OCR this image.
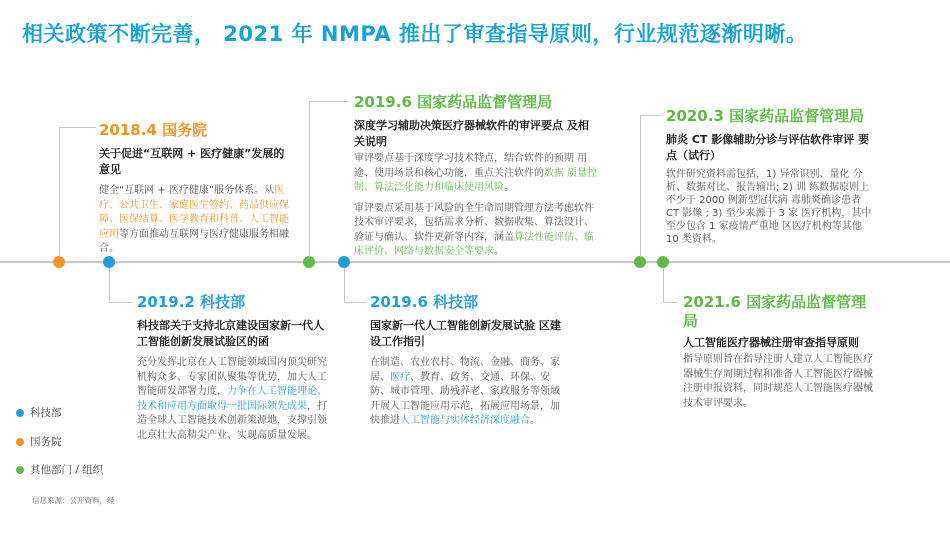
相关政策不断完善， 2021 年 NMPA 推出了审查指导原则，行业规范逐渐明晰。
2018.4 国务院
关于促进“互联网 + 医疗健康”发展的意见
健全“互联网 + 医疗健康”服务体系。从医疗、公共卫生、家庭医生签约、药品供应保障、医保结算、医学教育和科普、人工智能应用等方面推动互联网与医疗健康服务相融合。
2019.2 科技部
科技部关于支持北京建设国家新一代人工智能创新发展试验区的函
充分发挥北京在人工智能领域国内顶尖研究机构众多、专家团队聚集等优势，加大人工智能研发部署力度，力争在人工智能理论、技术和应用方面取得一批国际领先成果，打造全球人工智能技术创新策源地，支撑引领北京壮大高精尖产业、实现高质量发展。
2019.6 国家药品监督管理局
深度学习辅助决策医疗器械软件的审评要点 及相关说明
审评要点基于深度学习技术特点，结合软件的预期 用途、使用场景和核心功能，重点关注软件的数据 质量控制、算法泛化能力和临床使用风险。
审评要点采用基于风险的全生命周期管理方法考虑软件技术审评要求，包括需求分析、数据收集、算法设计、验证与确认、软件更新等内容，涵盖算法性能评估、临床评价、网络与数据安全等要求。
2019.6 科技部
国家新一代人工智能创新发展试验 区建设工作指引
在制造、农业农村、物流、金融、商务、家居、医疗、教育、政务、交通、环保、安防、城市管理、助残养老、家政服务等领域开展人工智能应用示范，拓展应用场景，加快推进人工智能与实体经济深度融合。
2020.3 国家药品监督管理局
肺炎 CT 影像辅助分诊与评估软件审评 要点（试行）
软件研究资料需包括，1) 异常识别、量化 分析、数据对比、报告输出; 2) 训 练数据原则上不少于 2000 例新型冠状病 毒肺炎确诊患者 CT 影像 ; 3) 至少来源于 3 家 医疗机构，其中至少包含 1 家疫情严重地 区医疗机构等其他 10 类资料。
2021.6 国家药品监督管理局
人工智能医疗器械注册审查指导原则
指导原则旨在指导注册人建立人工智能医疗器械生存周期过程和准备人工智能医疗器械注册申报资料，同时规范人工智能医疗器械技术审评要求。
科技部
国务院
其他部门 / 组织
信息来源：公开资料，经
